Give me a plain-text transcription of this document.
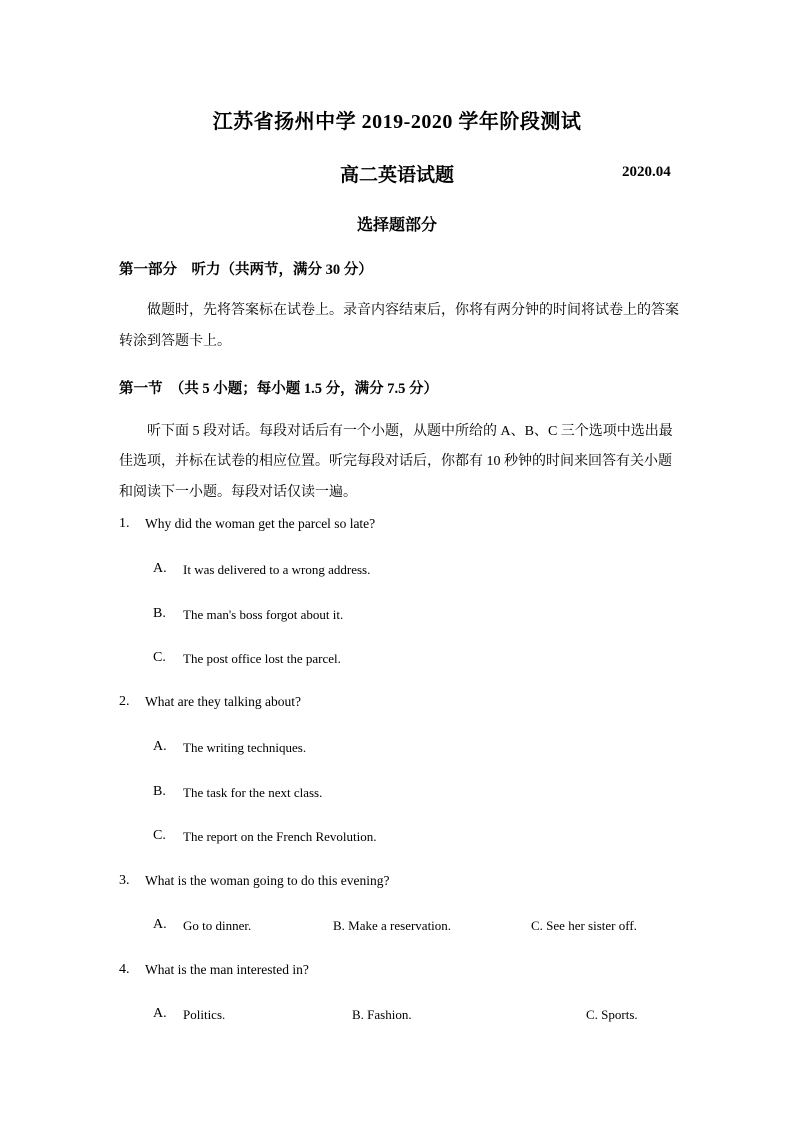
江苏省扬州中学 2019-2020 学年阶段测试
高二英语试题	2020.04
选择题部分
第一部分　听力（共两节，满分 30 分）
做题时，先将答案标在试卷上。录音内容结束后，你将有两分钟的时间将试卷上的答案
转涂到答题卡上。
第一节　（共 5 小题；每小题 1.5 分，满分 7.5 分）
听下面 5 段对话。每段对话后有一个小题，从题中所给的 A、B、C 三个选项中选出最
佳选项，并标在试卷的相应位置。听完每段对话后，你都有 10 秒钟的时间来回答有关小题
和阅读下一小题。每段对话仅读一遍。
1. Why did the woman get the parcel so late?
A. It was delivered to a wrong address.
B. The man's boss forgot about it.
C. The post office lost the parcel.
2. What are they talking about?
A. The writing techniques.
B. The task for the next class.
C. The report on the French Revolution.
3. What is the woman going to do this evening?
A. Go to dinner.	B. Make a reservation.	C. See her sister off.
4. What is the man interested in?
A. Politics.	B. Fashion.	C. Sports.
